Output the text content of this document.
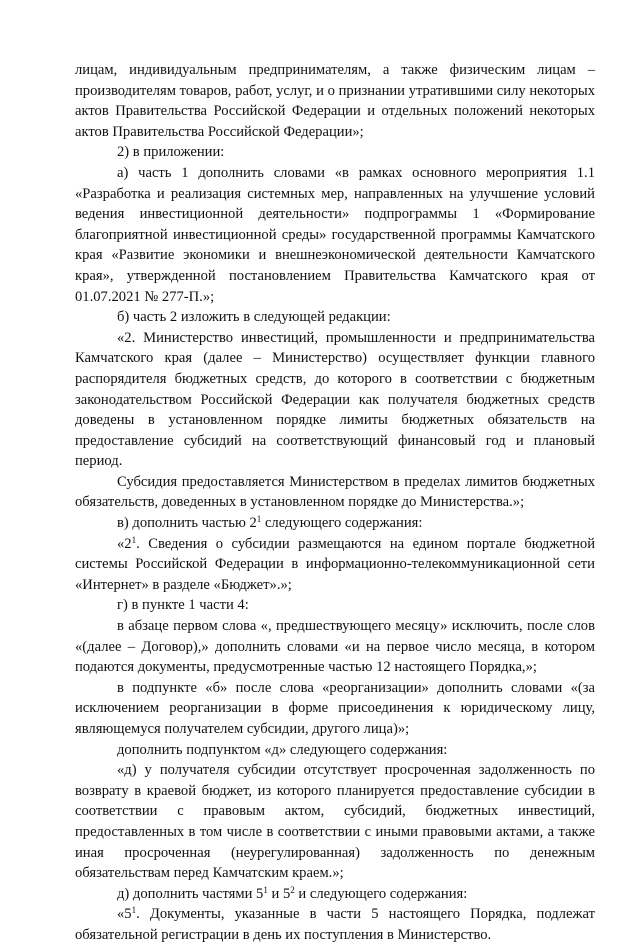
лицам, индивидуальным предпринимателям, а также физическим лицам – производителям товаров, работ, услуг, и о признании утратившими силу некоторых актов Правительства Российской Федерации и отдельных положений некоторых актов Правительства Российской Федерации»;

2) в приложении:

а) часть 1 дополнить словами «в рамках основного мероприятия 1.1 «Разработка и реализация системных мер, направленных на улучшение условий ведения инвестиционной деятельности» подпрограммы 1 «Формирование благоприятной инвестиционной среды» государственной программы Камчатского края «Развитие экономики и внешнеэкономической деятельности Камчатского края», утвержденной постановлением Правительства Камчатского края от 01.07.2021 № 277-П.»;

б) часть 2 изложить в следующей редакции:

«2. Министерство инвестиций, промышленности и предпринимательства Камчатского края (далее – Министерство) осуществляет функции главного распорядителя бюджетных средств, до которого в соответствии с бюджетным законодательством Российской Федерации как получателя бюджетных средств доведены в установленном порядке лимиты бюджетных обязательств на предоставление субсидий на соответствующий финансовый год и плановый период.

Субсидия предоставляется Министерством в пределах лимитов бюджетных обязательств, доведенных в установленном порядке до Министерства.»;

в) дополнить частью $2^1$ следующего содержания:

«$2^1$. Сведения о субсидии размещаются на едином портале бюджетной системы Российской Федерации в информационно-телекоммуникационной сети «Интернет» в разделе «Бюджет».»;

г) в пункте 1 части 4:

в абзаце первом слова «, предшествующего месяцу» исключить, после слов «(далее – Договор),» дополнить словами «и на первое число месяца, в котором подаются документы, предусмотренные частью 12 настоящего Порядка,»;

в подпункте «б» после слова «реорганизации» дополнить словами «(за исключением реорганизации в форме присоединения к юридическому лицу, являющемуся получателем субсидии, другого лица)»;

дополнить подпунктом «д» следующего содержания:

«д) у получателя субсидии отсутствует просроченная задолженность по возврату в краевой бюджет, из которого планируется предоставление субсидии в соответствии с правовым актом, субсидий, бюджетных инвестиций, предоставленных в том числе в соответствии с иными правовыми актами, а также иная просроченная (неурегулированная) задолженность по денежным обязательствам перед Камчатским краем.»;

д) дополнить частями $5^1$ и $5^2$ и следующего содержания:

«$5^1$. Документы, указанные в части 5 настоящего Порядка, подлежат обязательной регистрации в день их поступления в Министерство.
